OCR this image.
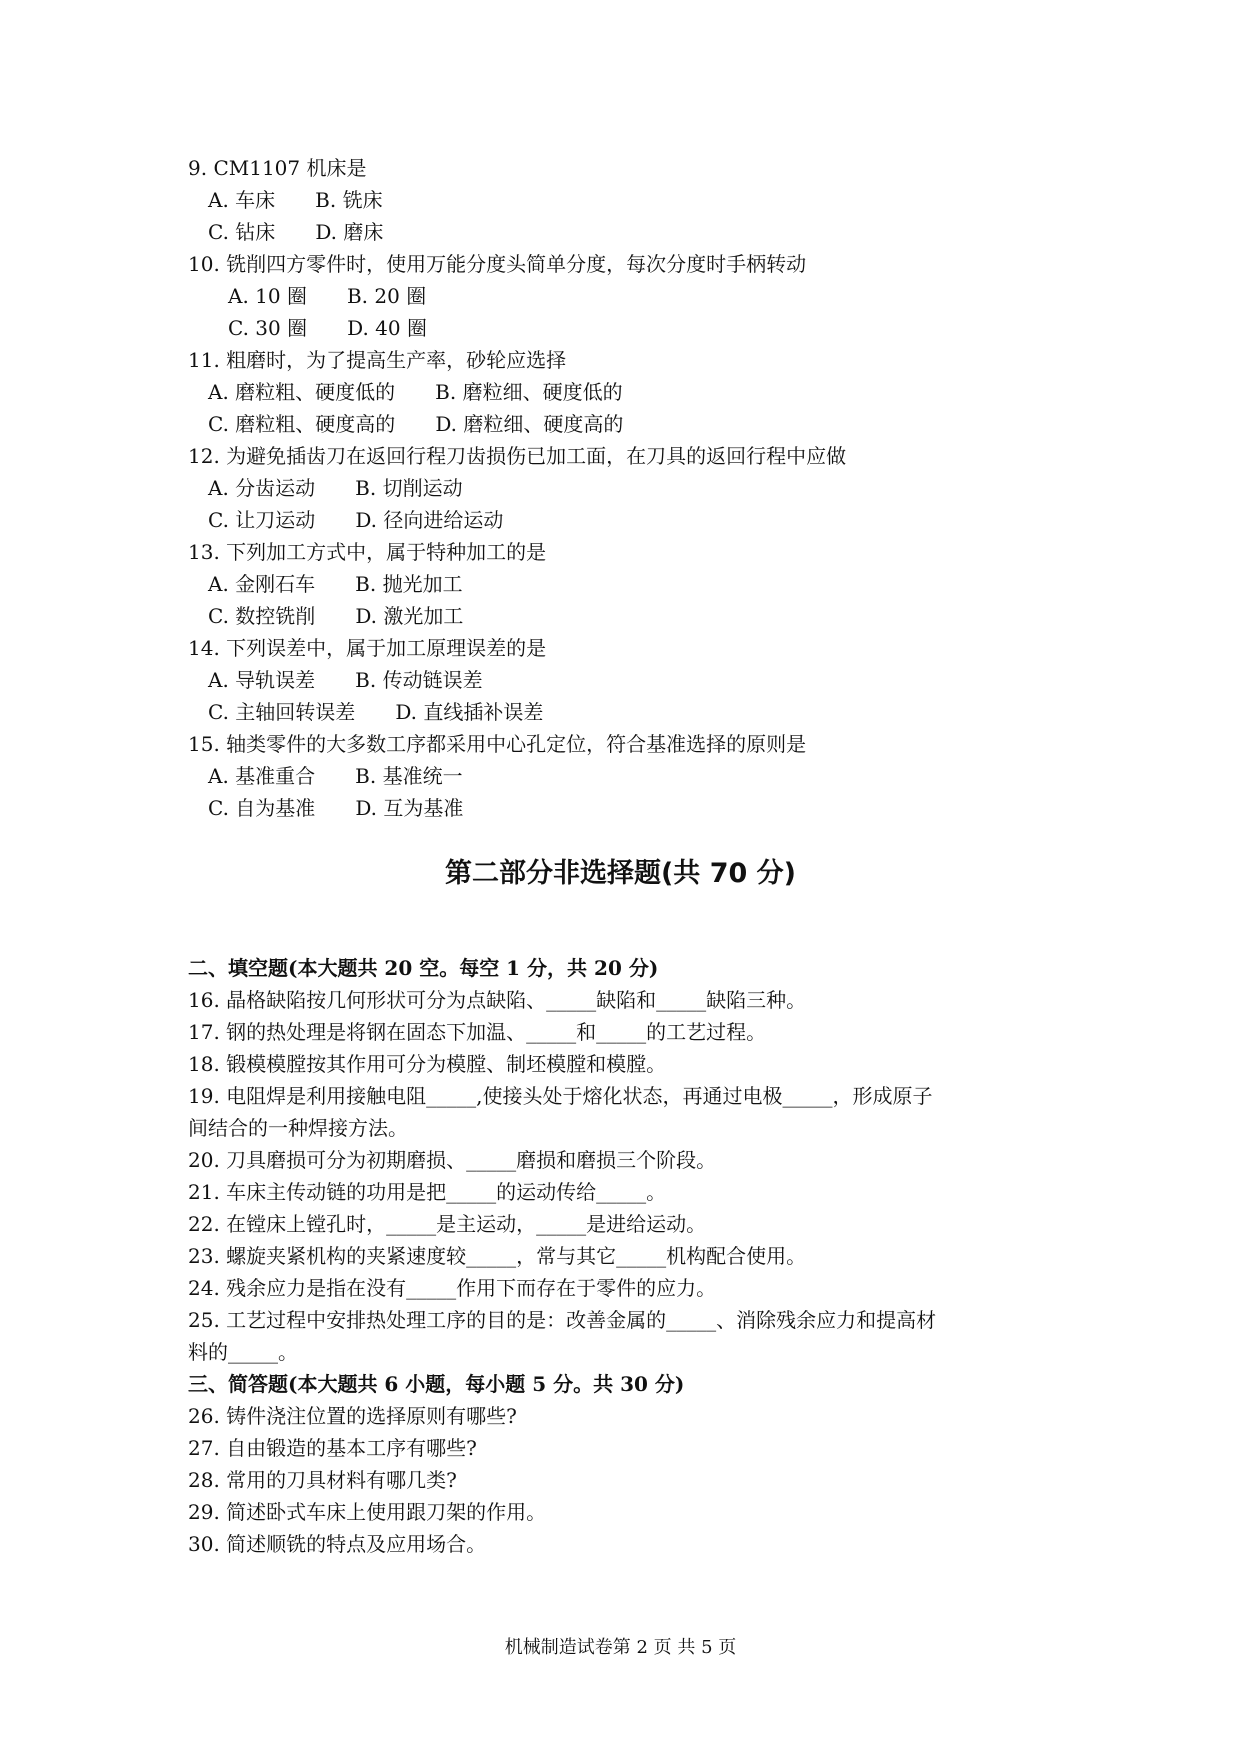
9. CM1107 机床是
A. 车床 B. 铣床
C. 钻床 D. 磨床
10. 铣削四方零件时，使用万能分度头简单分度，每次分度时手柄转动
A. 10 圈 B. 20 圈
C. 30 圈 D. 40 圈
11. 粗磨时，为了提高生产率，砂轮应选择
A. 磨粒粗、硬度低的 B. 磨粒细、硬度低的
C. 磨粒粗、硬度高的 D. 磨粒细、硬度高的
12. 为避免插齿刀在返回行程刀齿损伤已加工面，在刀具的返回行程中应做
A. 分齿运动 B. 切削运动
C. 让刀运动 D. 径向进给运动
13. 下列加工方式中，属于特种加工的是
A. 金刚石车 B. 抛光加工
C. 数控铣削 D. 激光加工
14. 下列误差中，属于加工原理误差的是
A. 导轨误差 B. 传动链误差
C. 主轴回转误差 D. 直线插补误差
15. 轴类零件的大多数工序都采用中心孔定位，符合基准选择的原则是
A. 基准重合 B. 基准统一
C. 自为基准 D. 互为基准
第二部分非选择题(共 70 分)
二、填空题(本大题共 20 空。每空 1 分，共 20 分)
16. 晶格缺陷按几何形状可分为点缺陷、_____缺陷和_____缺陷三种。
17. 钢的热处理是将钢在固态下加温、_____和_____的工艺过程。
18. 锻模模膛按其作用可分为模膛、制坯模膛和模膛。
19. 电阻焊是利用接触电阻_____,使接头处于熔化状态，再通过电极_____，形成原子
间结合的一种焊接方法。
20. 刀具磨损可分为初期磨损、_____磨损和磨损三个阶段。
21. 车床主传动链的功用是把_____的运动传给_____。
22. 在镗床上镗孔时，_____是主运动，_____是进给运动。
23. 螺旋夹紧机构的夹紧速度较_____，常与其它_____机构配合使用。
24. 残余应力是指在没有_____作用下而存在于零件的应力。
25. 工艺过程中安排热处理工序的目的是：改善金属的_____、消除残余应力和提高材
料的_____。
三、简答题(本大题共 6 小题，每小题 5 分。共 30 分)
26. 铸件浇注位置的选择原则有哪些?
27. 自由锻造的基本工序有哪些?
28. 常用的刀具材料有哪几类?
29. 简述卧式车床上使用跟刀架的作用。
30. 简述顺铣的特点及应用场合。
机械制造试卷第 2 页 共 5 页
